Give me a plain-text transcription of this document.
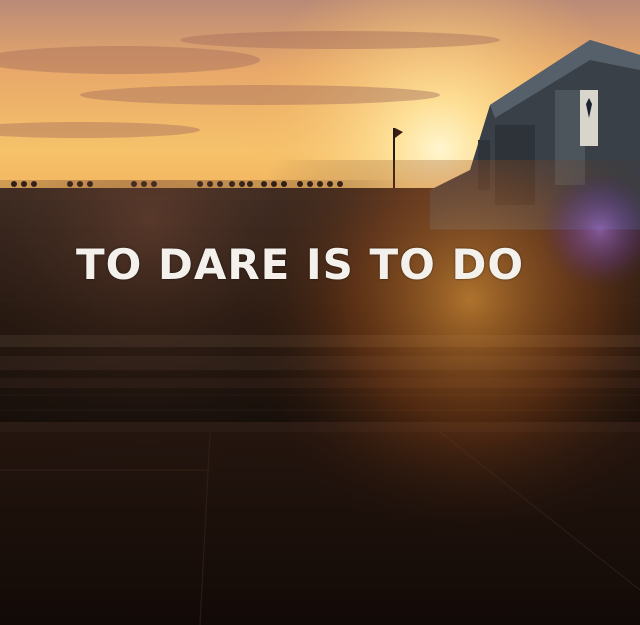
TO DARE IS TO DO
